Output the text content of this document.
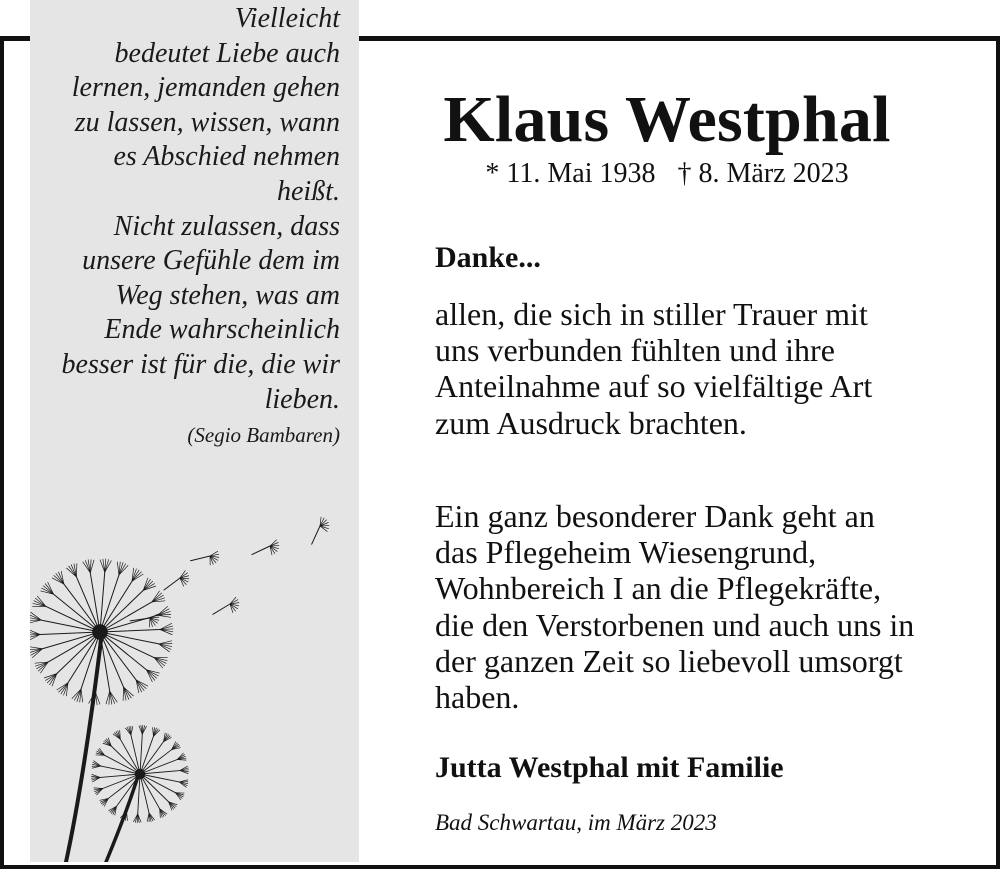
Vielleicht
bedeutet Liebe auch
lernen, jemanden gehen
zu lassen, wissen, wann
es Abschied nehmen
heißt.
Nicht zulassen, dass
unsere Gefühle dem im
Weg stehen, was am
Ende wahrscheinlich
besser ist für die, die wir
lieben.

(Segio Bambaren)

Klaus Westphal

* 11. Mai 1938 † 8. März 2023

Danke...

allen, die sich in stiller Trauer mit
uns verbunden fühlten und ihre
Anteilnahme auf so vielfältige Art
zum Ausdruck brachten.

Ein ganz besonderer Dank geht an
das Pflegeheim Wiesengrund,
Wohnbereich I an die Pflegekräfte,
die den Verstorbenen und auch uns in
der ganzen Zeit so liebevoll umsorgt
haben.

Jutta Westphal mit Familie

Bad Schwartau, im März 2023
